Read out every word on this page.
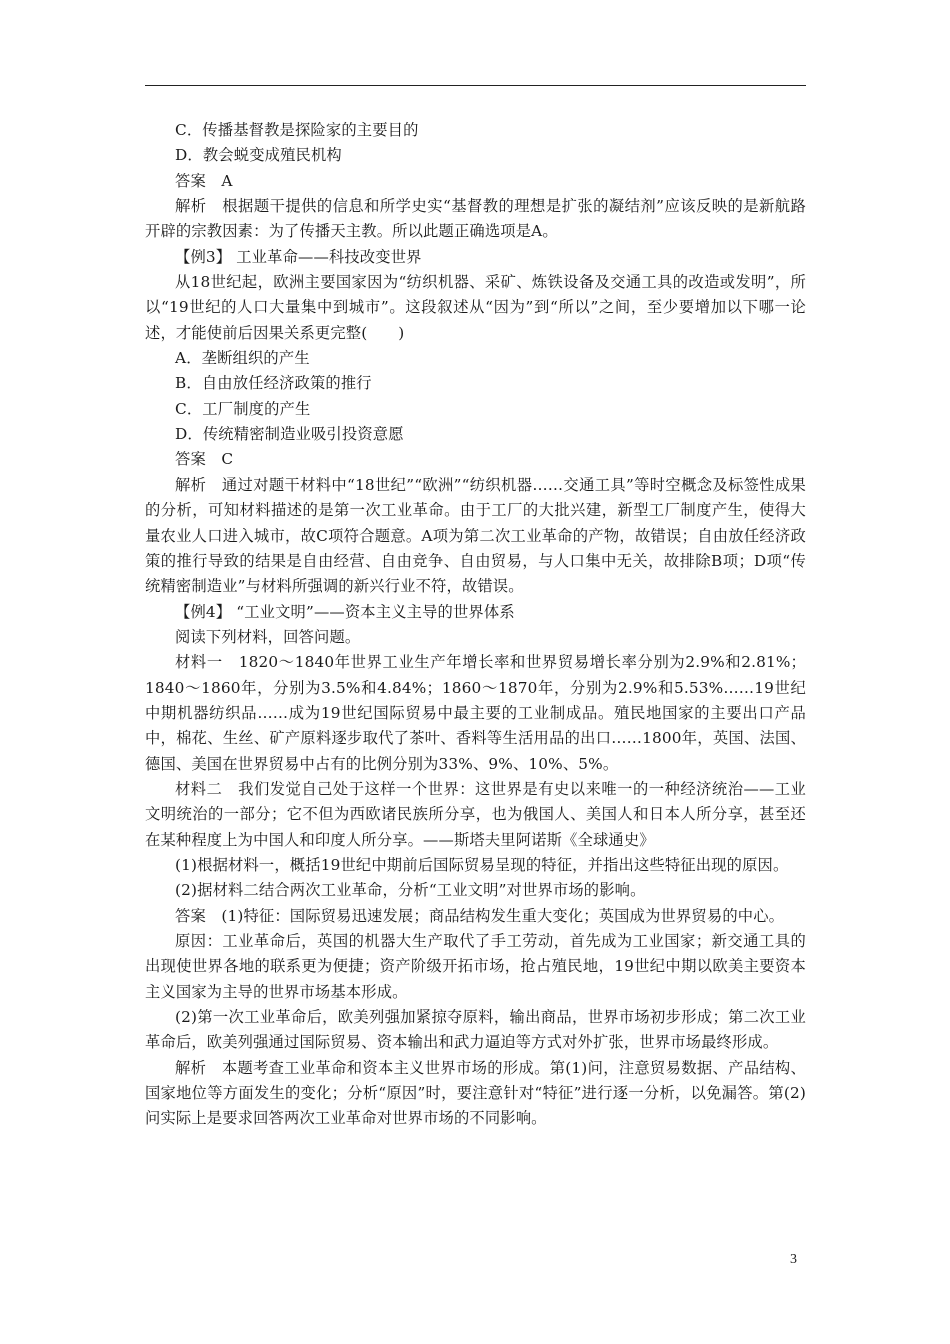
C．传播基督教是探险家的主要目的

D．教会蜕变成殖民机构

答案　A

解析　根据题干提供的信息和所学史实“基督教的理想是扩张的凝结剂”应该反映的是新航路开辟的宗教因素：为了传播天主教。所以此题正确选项是A。

【例3】 工业革命——科技改变世界

从18世纪起，欧洲主要国家因为“纺织机器、采矿、炼铁设备及交通工具的改造或发明”，所以“19世纪的人口大量集中到城市”。这段叙述从“因为”到“所以”之间，至少要增加以下哪一论述，才能使前后因果关系更完整(　　)

A．垄断组织的产生

B．自由放任经济政策的推行

C．工厂制度的产生

D．传统精密制造业吸引投资意愿

答案　C

解析　通过对题干材料中“18世纪”“欧洲”“纺织机器……交通工具”等时空概念及标签性成果的分析，可知材料描述的是第一次工业革命。由于工厂的大批兴建，新型工厂制度产生，使得大量农业人口进入城市，故C项符合题意。A项为第二次工业革命的产物，故错误；自由放任经济政策的推行导致的结果是自由经营、自由竞争、自由贸易，与人口集中无关，故排除B项；D项“传统精密制造业”与材料所强调的新兴行业不符，故错误。

【例4】 “工业文明”——资本主义主导的世界体系

阅读下列材料，回答问题。

材料一　1820～1840年世界工业生产年增长率和世界贸易增长率分别为2.9%和2.81%；1840～1860年，分别为3.5%和4.84%；1860～1870年，分别为2.9%和5.53%……19世纪中期机器纺织品……成为19世纪国际贸易中最主要的工业制成品。殖民地国家的主要出口产品中，棉花、生丝、矿产原料逐步取代了茶叶、香料等生活用品的出口……1800年，英国、法国、德国、美国在世界贸易中占有的比例分别为33%、9%、10%、5%。

材料二　我们发觉自己处于这样一个世界：这世界是有史以来唯一的一种经济统治——工业文明统治的一部分；它不但为西欧诸民族所分享，也为俄国人、美国人和日本人所分享，甚至还在某种程度上为中国人和印度人所分享。——斯塔夫里阿诺斯《全球通史》

(1)根据材料一，概括19世纪中期前后国际贸易呈现的特征，并指出这些特征出现的原因。

(2)据材料二结合两次工业革命，分析“工业文明”对世界市场的影响。

答案　(1)特征：国际贸易迅速发展；商品结构发生重大变化；英国成为世界贸易的中心。

原因：工业革命后，英国的机器大生产取代了手工劳动，首先成为工业国家；新交通工具的出现使世界各地的联系更为便捷；资产阶级开拓市场，抢占殖民地，19世纪中期以欧美主要资本主义国家为主导的世界市场基本形成。

(2)第一次工业革命后，欧美列强加紧掠夺原料，输出商品，世界市场初步形成；第二次工业革命后，欧美列强通过国际贸易、资本输出和武力逼迫等方式对外扩张，世界市场最终形成。

解析　本题考查工业革命和资本主义世界市场的形成。第(1)问，注意贸易数据、产品结构、国家地位等方面发生的变化；分析“原因”时，要注意针对“特征”进行逐一分析，以免漏答。第(2)问实际上是要求回答两次工业革命对世界市场的不同影响。

3
